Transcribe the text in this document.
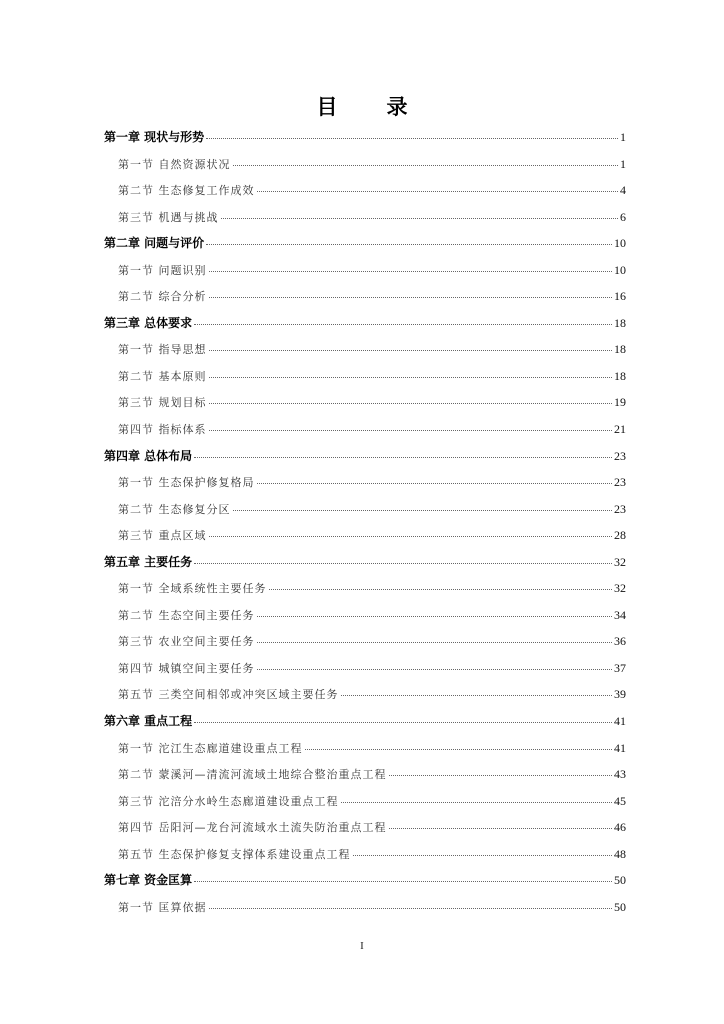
目　录
第一章 现状与形势	1
第一节 自然资源状况	1
第二节 生态修复工作成效	4
第三节 机遇与挑战	6
第二章 问题与评价	10
第一节 问题识别	10
第二节 综合分析	16
第三章 总体要求	18
第一节 指导思想	18
第二节 基本原则	18
第三节 规划目标	19
第四节 指标体系	21
第四章 总体布局	23
第一节 生态保护修复格局	23
第二节 生态修复分区	23
第三节 重点区域	28
第五章 主要任务	32
第一节 全域系统性主要任务	32
第二节 生态空间主要任务	34
第三节 农业空间主要任务	36
第四节 城镇空间主要任务	37
第五节 三类空间相邻或冲突区域主要任务	39
第六章 重点工程	41
第一节 沱江生态廊道建设重点工程	41
第二节 蒙溪河—清流河流域土地综合整治重点工程	43
第三节 沱涪分水岭生态廊道建设重点工程	45
第四节 岳阳河—龙台河流域水土流失防治重点工程	46
第五节 生态保护修复支撑体系建设重点工程	48
第七章 资金匡算	50
第一节 匡算依据	50
I
